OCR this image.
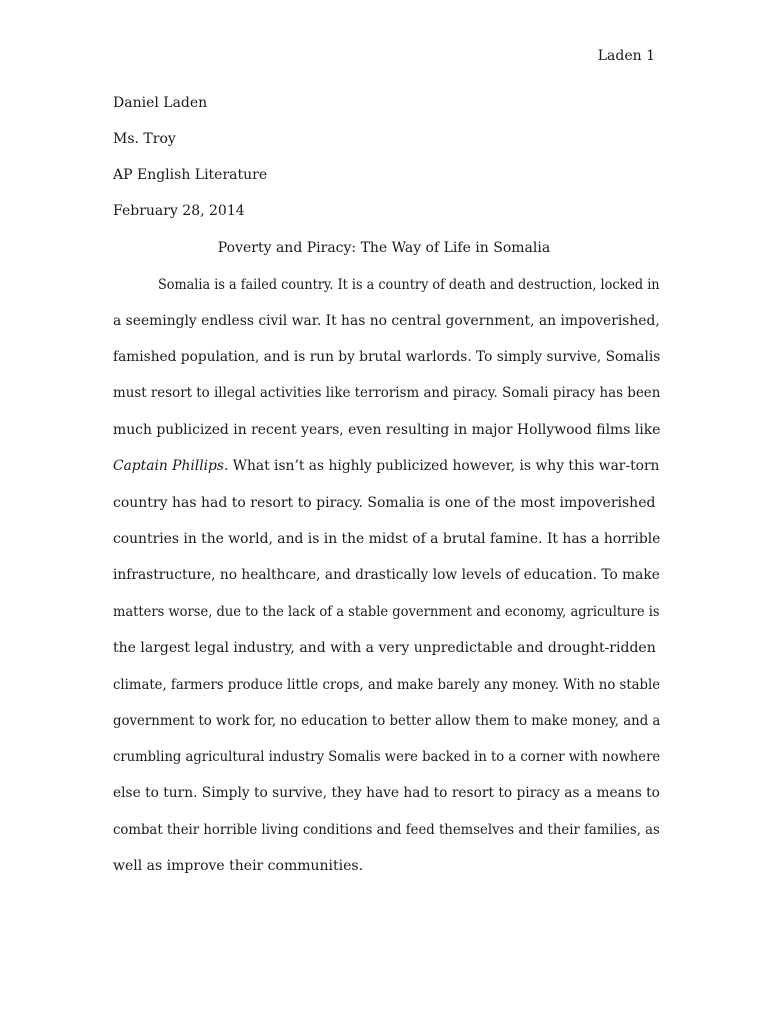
Laden 1
Daniel Laden
Ms. Troy
AP English Literature
February 28, 2014
Poverty and Piracy: The Way of Life in Somalia
Somalia is a failed country. It is a country of death and destruction, locked in
a seemingly endless civil war. It has no central government, an impoverished,
famished population, and is run by brutal warlords. To simply survive, Somalis
must resort to illegal activities like terrorism and piracy. Somali piracy has been
much publicized in recent years, even resulting in major Hollywood films like
Captain Phillips. What isn’t as highly publicized however, is why this war-torn
country has had to resort to piracy. Somalia is one of the most impoverished
countries in the world, and is in the midst of a brutal famine. It has a horrible
infrastructure, no healthcare, and drastically low levels of education. To make
matters worse, due to the lack of a stable government and economy, agriculture is
the largest legal industry, and with a very unpredictable and drought-ridden
climate, farmers produce little crops, and make barely any money. With no stable
government to work for, no education to better allow them to make money, and a
crumbling agricultural industry Somalis were backed in to a corner with nowhere
else to turn. Simply to survive, they have had to resort to piracy as a means to
combat their horrible living conditions and feed themselves and their families, as
well as improve their communities.
